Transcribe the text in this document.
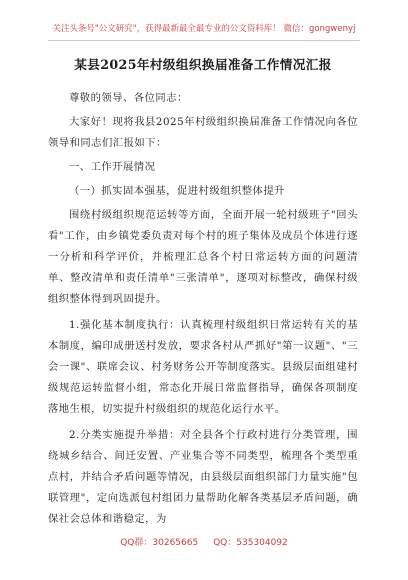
关注头条号"公文研究"，获得最新最全最专业的公文资料库！ 微信：gongwenyj
某县2025年村级组织换届准备工作情况汇报
尊敬的领导、各位同志：
大家好！现将我县2025年村级组织换届准备工作情况向各位领导和同志们汇报如下：
一、工作开展情况
（一）抓实固本强基，促进村级组织整体提升
围绕村级组织规范运转等方面，全面开展一轮村级班子"回头看"工作，由乡镇党委负责对每个村的班子集体及成员个体进行逐一分析和科学评价，并梳理汇总各个村日常运转方面的问题清单、整改清单和责任清单"三张清单"，逐项对标整改，确保村级组织整体得到巩固提升。
1.强化基本制度执行：认真梳理村级组织日常运转有关的基本制度，编印成册送村发放，要求各村从严抓好"第一议题"、"三会一课"、联席会议、村务财务公开等制度落实。县级层面组建村级规范运转监督小组，常态化开展日常监督指导，确保各项制度落地生根，切实提升村级组织的规范化运行水平。
2.分类实施提升举措：对全县各个行政村进行分类管理，围绕城乡结合、间迁安置、产业集合等不同类型，梳理各个类型重点村，并结合矛盾问题等情况，由县级层面组织部门力量实施"包联管理"，定向选派包村组团力量帮助化解各类基层矛盾问题，确保社会总体和谐稳定，为
QQ群：30265665 QQ：535304092
